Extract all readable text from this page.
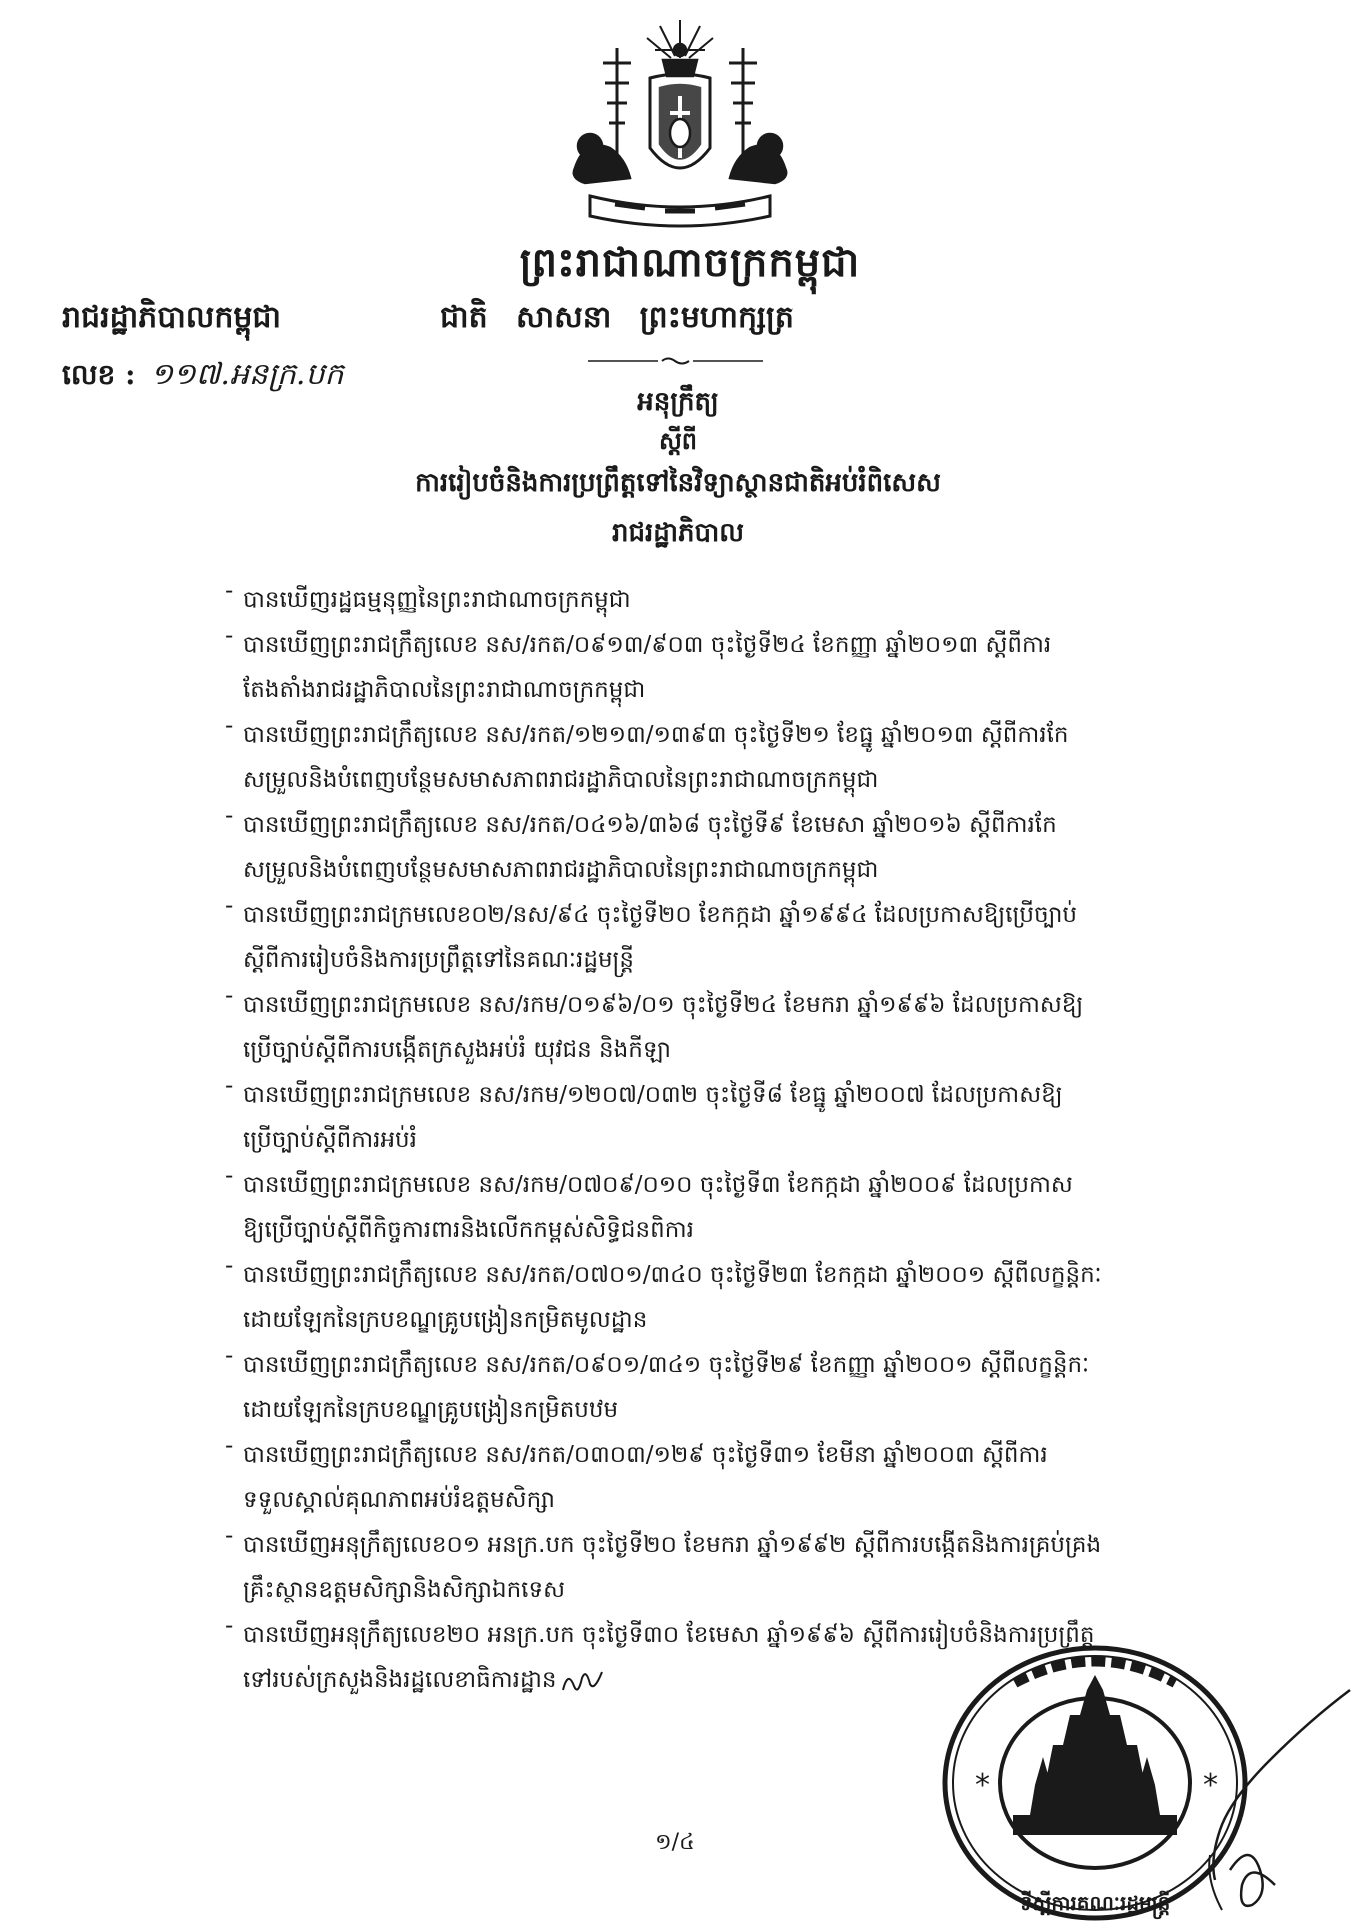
ព្រះរាជាណាចក្រកម្ពុជា
រាជរដ្ឋាភិបាលកម្ពុជា	ជាតិ សាសនា ព្រះមហាក្សត្រ
លេខ : ១១៧.អនក្រ.បក
អនុក្រឹត្យ
ស្តីពី
ការរៀបចំនិងការប្រព្រឹត្តទៅនៃវិទ្យាស្ថានជាតិអប់រំពិសេស
រាជរដ្ឋាភិបាល
- បានឃើញរដ្ឋធម្មនុញ្ញនៃព្រះរាជាណាចក្រកម្ពុជា
- បានឃើញព្រះរាជក្រឹត្យលេខ នស/រកត/០៩១៣/៩០៣ ចុះថ្ងៃទី២៤ ខែកញ្ញា ឆ្នាំ២០១៣ ស្តីពីការ
តែងតាំងរាជរដ្ឋាភិបាលនៃព្រះរាជាណាចក្រកម្ពុជា
- បានឃើញព្រះរាជក្រឹត្យលេខ នស/រកត/១២១៣/១៣៩៣ ចុះថ្ងៃទី២១ ខែធ្នូ ឆ្នាំ២០១៣ ស្តីពីការកែ
សម្រួលនិងបំពេញបន្ថែមសមាសភាពរាជរដ្ឋាភិបាលនៃព្រះរាជាណាចក្រកម្ពុជា
- បានឃើញព្រះរាជក្រឹត្យលេខ នស/រកត/០៤១៦/៣៦៨ ចុះថ្ងៃទី៩ ខែមេសា ឆ្នាំ២០១៦ ស្តីពីការកែ
សម្រួលនិងបំពេញបន្ថែមសមាសភាពរាជរដ្ឋាភិបាលនៃព្រះរាជាណាចក្រកម្ពុជា
- បានឃើញព្រះរាជក្រមលេខ០២/នស/៩៤ ចុះថ្ងៃទី២០ ខែកក្កដា ឆ្នាំ១៩៩៤ ដែលប្រកាសឱ្យប្រើច្បាប់
ស្តីពីការរៀបចំនិងការប្រព្រឹត្តទៅនៃគណៈរដ្ឋមន្ត្រី
- បានឃើញព្រះរាជក្រមលេខ នស/រកម/០១៩៦/០១ ចុះថ្ងៃទី២៤ ខែមករា ឆ្នាំ១៩៩៦ ដែលប្រកាសឱ្យ
ប្រើច្បាប់ស្តីពីការបង្កើតក្រសួងអប់រំ យុវជន និងកីឡា
- បានឃើញព្រះរាជក្រមលេខ នស/រកម/១២០៧/០៣២ ចុះថ្ងៃទី៨ ខែធ្នូ ឆ្នាំ២០០៧ ដែលប្រកាសឱ្យ
ប្រើច្បាប់ស្តីពីការអប់រំ
- បានឃើញព្រះរាជក្រមលេខ នស/រកម/០៧០៩/០១០ ចុះថ្ងៃទី៣ ខែកក្កដា ឆ្នាំ២០០៩ ដែលប្រកាស
ឱ្យប្រើច្បាប់ស្តីពីកិច្ចការពារនិងលើកកម្ពស់សិទ្ធិជនពិការ
- បានឃើញព្រះរាជក្រឹត្យលេខ នស/រកត/០៧០១/៣៤០ ចុះថ្ងៃទី២៣ ខែកក្កដា ឆ្នាំ២០០១ ស្តីពីលក្ខន្តិកៈ
ដោយឡែកនៃក្របខណ្ឌគ្រូបង្រៀនកម្រិតមូលដ្ឋាន
- បានឃើញព្រះរាជក្រឹត្យលេខ នស/រកត/០៩០១/៣៤១ ចុះថ្ងៃទី២៩ ខែកញ្ញា ឆ្នាំ២០០១ ស្តីពីលក្ខន្តិកៈ
ដោយឡែកនៃក្របខណ្ឌគ្រូបង្រៀនកម្រិតបឋម
- បានឃើញព្រះរាជក្រឹត្យលេខ នស/រកត/០៣០៣/១២៩ ចុះថ្ងៃទី៣១ ខែមីនា ឆ្នាំ២០០៣ ស្តីពីការ
ទទួលស្គាល់គុណភាពអប់រំឧត្តមសិក្សា
- បានឃើញអនុក្រឹត្យលេខ០១ អនក្រ.បក ចុះថ្ងៃទី២០ ខែមករា ឆ្នាំ១៩៩២ ស្តីពីការបង្កើតនិងការគ្រប់គ្រង
គ្រឹះស្ថានឧត្តមសិក្សានិងសិក្សាឯកទេស
- បានឃើញអនុក្រឹត្យលេខ២០ អនក្រ.បក ចុះថ្ងៃទី៣០ ខែមេសា ឆ្នាំ១៩៩៦ ស្តីពីការរៀបចំនិងការប្រព្រឹត្ត
ទៅរបស់ក្រសួងនិងរដ្ឋលេខាធិការដ្ឋាន
១/៤
*	*
ទីស្តីការគណៈរដ្ឋមន្ត្រី
